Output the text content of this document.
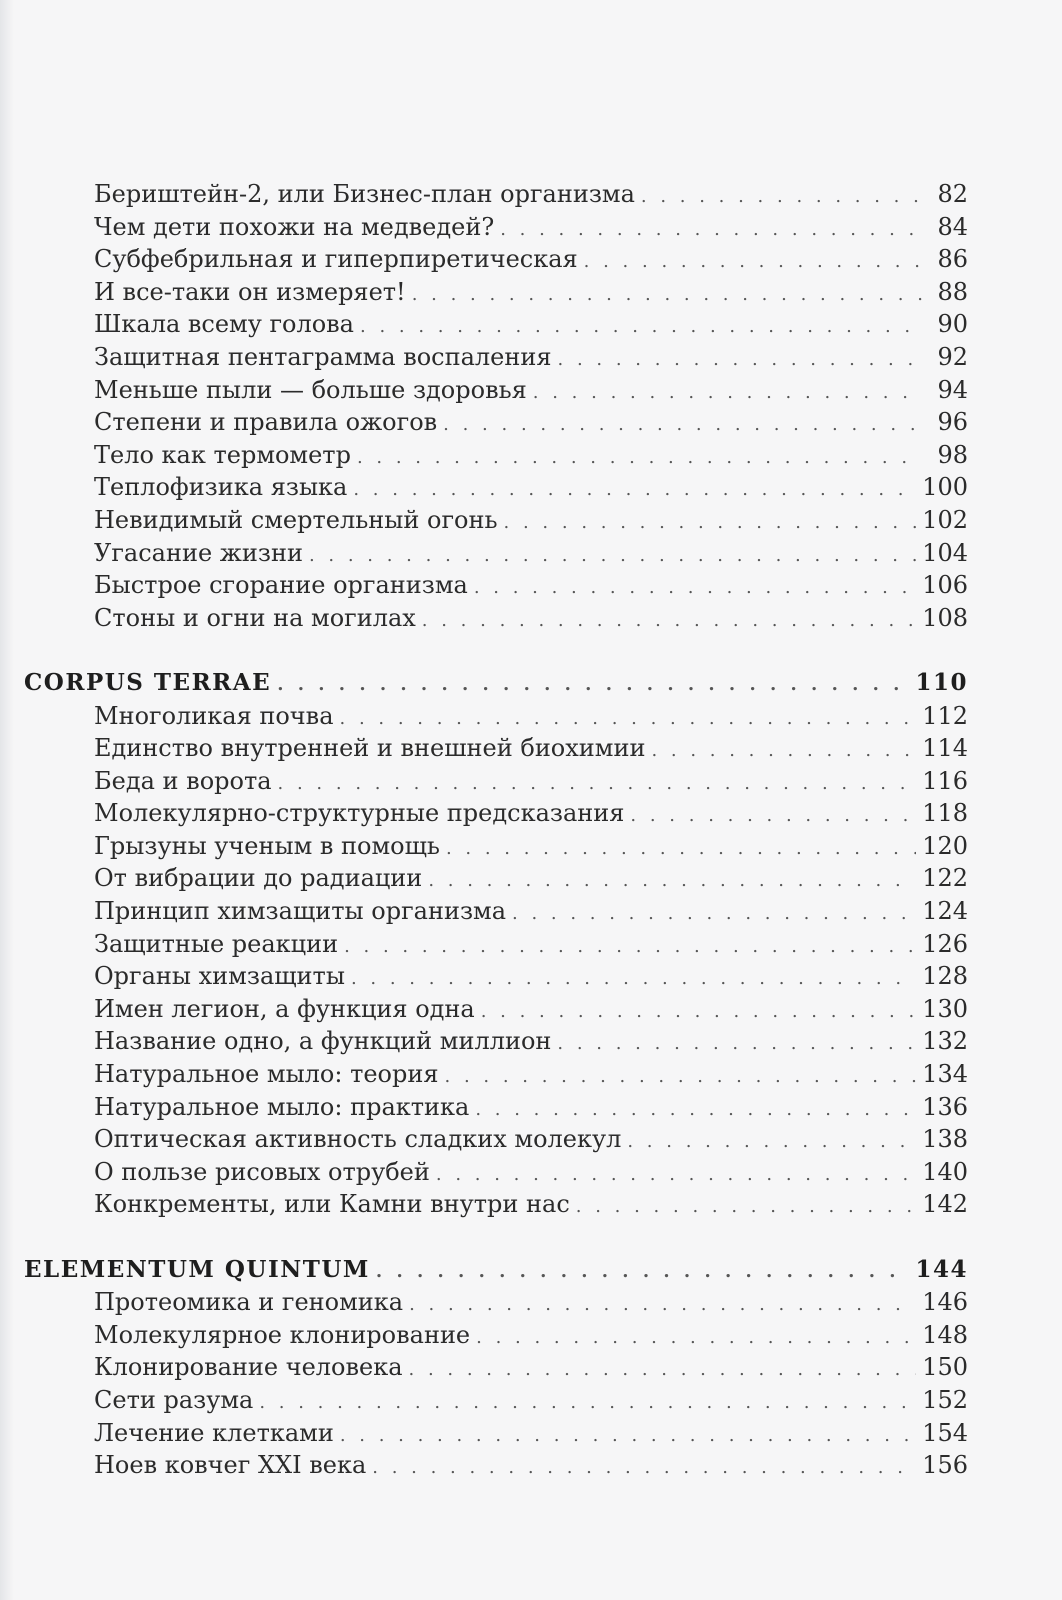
Бериштейн-2, или Бизнес-план организма . . .	82
Чем дети похожи на медведей? . . .	84
Субфебрильная и гиперпиретическая . . .	86
И все-таки он измеряет! . . .	88
Шкала всему голова . . .	90
Защитная пентаграмма воспаления . . .	92
Меньше пыли — больше здоровья . . .	94
Степени и правила ожогов . . .	96
Тело как термометр . . .	98
Теплофизика языка . . .	100
Невидимый смертельный огонь . . .	102
Угасание жизни . . .	104
Быстрое сгорание организма . . .	106
Стоны и огни на могилах . . .	108
CORPUS TERRAE . . .	110
Многоликая почва . . .	112
Единство внутренней и внешней биохимии . . .	114
Беда и ворота . . .	116
Молекулярно-структурные предсказания . . .	118
Грызуны ученым в помощь . . .	120
От вибрации до радиации . . .	122
Принцип химзащиты организма . . .	124
Защитные реакции . . .	126
Органы химзащиты . . .	128
Имен легион, а функция одна . . .	130
Название одно, а функций миллион . . .	132
Натуральное мыло: теория . . .	134
Натуральное мыло: практика . . .	136
Оптическая активность сладких молекул . . .	138
О пользе рисовых отрубей . . .	140
Конкременты, или Камни внутри нас . . .	142
ELEMENTUM QUINTUM . . .	144
Протеомика и геномика . . .	146
Молекулярное клонирование . . .	148
Клонирование человека . . .	150
Сети разума . . .	152
Лечение клетками . . .	154
Ноев ковчег XXI века . . .	156
